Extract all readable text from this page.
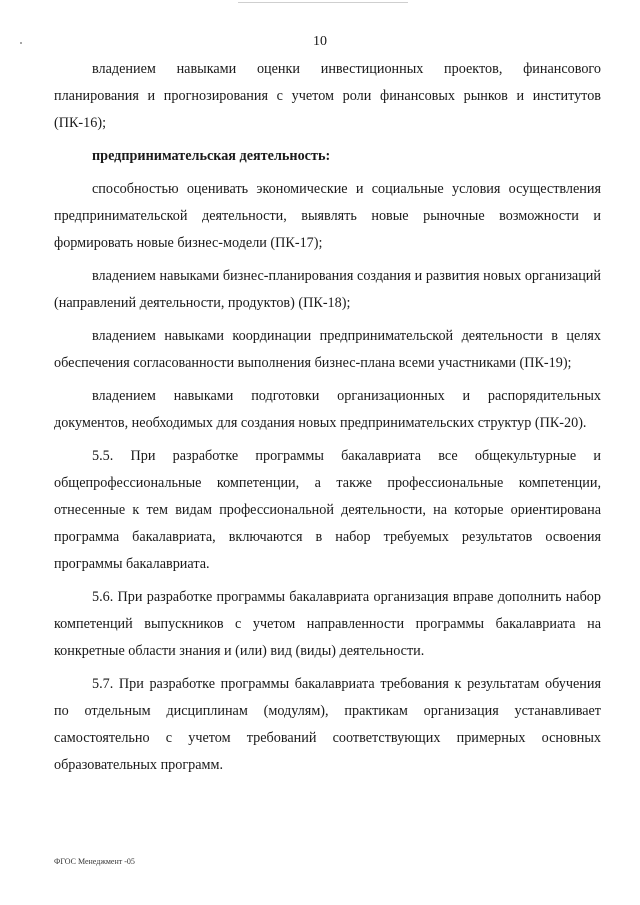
10

владением навыками оценки инвестиционных проектов, финансового планирования и прогнозирования с учетом роли финансовых рынков и институтов (ПК-16);

предпринимательская деятельность:

способностью оценивать экономические и социальные условия осуществления предпринимательской деятельности, выявлять новые рыночные возможности и формировать новые бизнес-модели (ПК-17);

владением навыками бизнес-планирования создания и развития новых организаций (направлений деятельности, продуктов) (ПК-18);

владением навыками координации предпринимательской деятельности в целях обеспечения согласованности выполнения бизнес-плана всеми участниками (ПК-19);

владением навыками подготовки организационных и распорядительных документов, необходимых для создания новых предпринимательских структур (ПК-20).

5.5. При разработке программы бакалавриата все общекультурные и общепрофессиональные компетенции, а также профессиональные компетенции, отнесенные к тем видам профессиональной деятельности, на которые ориентирована программа бакалавриата, включаются в набор требуемых результатов освоения программы бакалавриата.

5.6. При разработке программы бакалавриата организация вправе дополнить набор компетенций выпускников с учетом направленности программы бакалавриата на конкретные области знания и (или) вид (виды) деятельности.

5.7. При разработке программы бакалавриата требования к результатам обучения по отдельным дисциплинам (модулям), практикам организация устанавливает самостоятельно с учетом требований соответствующих примерных основных образовательных программ.

ФГОС Менеджмент -05
